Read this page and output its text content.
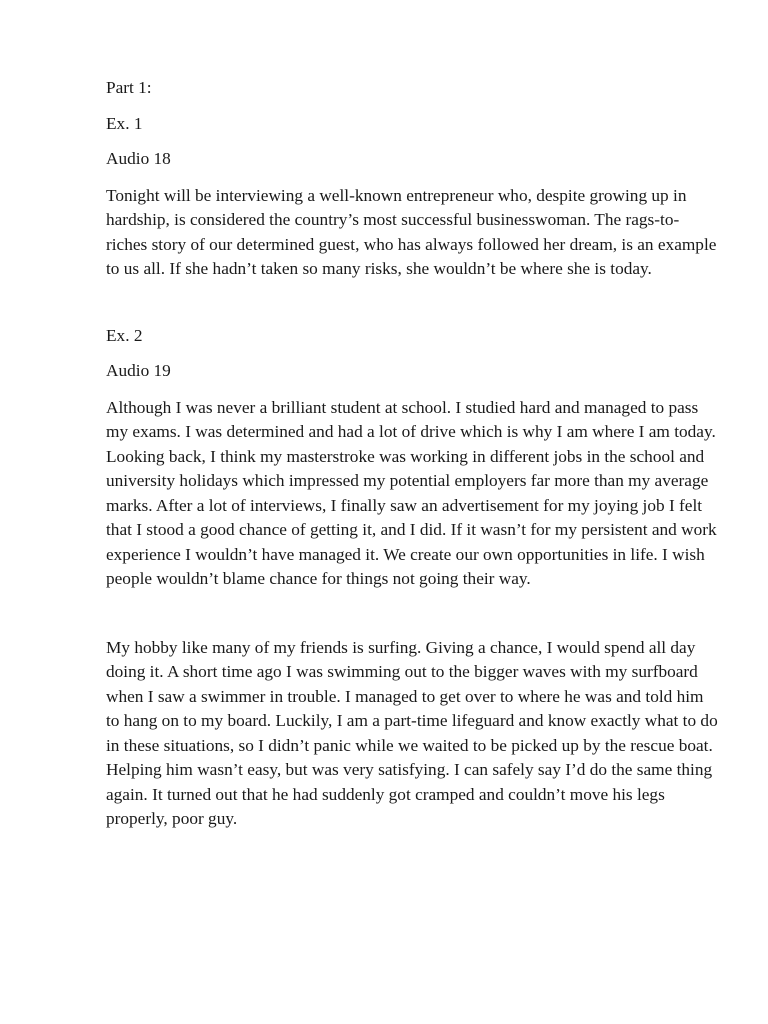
Part 1:

Ex. 1

Audio 18

Tonight will be interviewing a well-known entrepreneur who, despite growing up in hardship, is considered the country’s most successful businesswoman. The rags-to-riches story of our determined guest, who has always followed her dream, is an example to us all. If she hadn’t taken so many risks, she wouldn’t be where she is today.

Ex. 2

Audio 19

Although I was never a brilliant student at school. I studied hard and managed to pass my exams. I was determined and had a lot of drive which is why I am where I am today. Looking back, I think my masterstroke was working in different jobs in the school and university holidays which impressed my potential employers far more than my average marks. After a lot of interviews, I finally saw an advertisement for my joying job I felt that I stood a good chance of getting it, and I did. If it wasn’t for my persistent and work experience I wouldn’t have managed it. We create our own opportunities in life. I wish people wouldn’t blame chance for things not going their way.

My hobby like many of my friends is surfing. Giving a chance, I would spend all day doing it. A short time ago I was swimming out to the bigger waves with my surfboard when I saw a swimmer in trouble. I managed to get over to where he was and told him to hang on to my board. Luckily, I am a part-time lifeguard and know exactly what to do in these situations, so I didn’t panic while we waited to be picked up by the rescue boat. Helping him wasn’t easy, but was very satisfying. I can safely say I’d do the same thing again. It turned out that he had suddenly got cramped and couldn’t move his legs properly, poor guy.
